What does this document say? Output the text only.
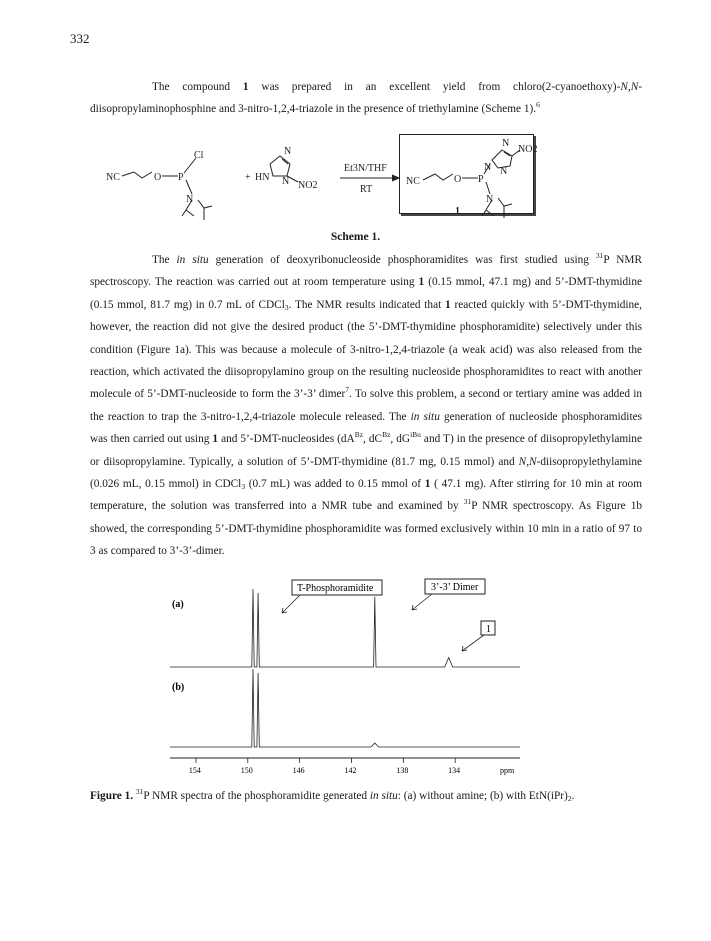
332

The compound 1 was prepared in an excellent yield from chloro(2-cyanoethoxy)-N,N-diisopropylaminophosphine and 3-nitro-1,2,4-triazole in the presence of triethylamine (Scheme 1).$^6$

NC	O P
Cl
N
+
N
HN N NO2
Et3N/THF
RT
NC	O P
N
N N
NO2
N
1
Scheme 1.

The in situ generation of deoxyribonucleoside phosphoramidites was first studied using $^{31}$P NMR spectroscopy. The reaction was carried out at room temperature using 1 (0.15 mmol, 47.1 mg) and 5’-DMT-thymidine (0.15 mmol, 81.7 mg) in 0.7 mL of CDCl$_3$. The NMR results indicated that 1 reacted quickly with 5’-DMT-thymidine, however, the reaction did not give the desired product (the 5’-DMT-thymidine phosphoramidite) selectively under this condition (Figure 1a). This was because a molecule of 3-nitro-1,2,4-triazole (a weak acid) was also released from the reaction, which activated the diisopropylamino group on the resulting nucleoside phosphoramidites to react with another molecule of 5’-DMT-nucleoside to form the 3’-3’ dimer$^7$. To solve this problem, a second or tertiary amine was added in the reaction to trap the 3-nitro-1,2,4-triazole molecule released. The in situ generation of nucleoside phosphoramidites was then carried out using 1 and 5’-DMT-nucleosides ($dA^{Bz}$, $dC^{Bz}$, $dG^{iBu}$ and T) in the presence of diisopropylethylamine or diisopropylamine. Typically, a solution of 5’-DMT-thymidine (81.7 mg, 0.15 mmol) and N,N-diisopropylethylamine (0.026 mL, 0.15 mmol) in CDCl$_3$ (0.7 mL) was added to 0.15 mmol of 1 ( 47.1 mg). After stirring for 10 min at room temperature, the solution was transferred into a NMR tube and examined by $^{31}$P NMR spectroscopy. As Figure 1b showed, the corresponding 5’-DMT-thymidine phosphoramidite was formed exclusively within 10 min in a ratio of 97 to 3 as compared to 3’-3’-dimer.

(a)
(b)
T-Phosphoramidite	3’-3’ Dimer
1
154	150	146	142	138	134	ppm
Figure 1. $^{31}$P NMR spectra of the phosphoramidite generated in situ: (a) without amine; (b) with $EtN(iPr)_2$.
